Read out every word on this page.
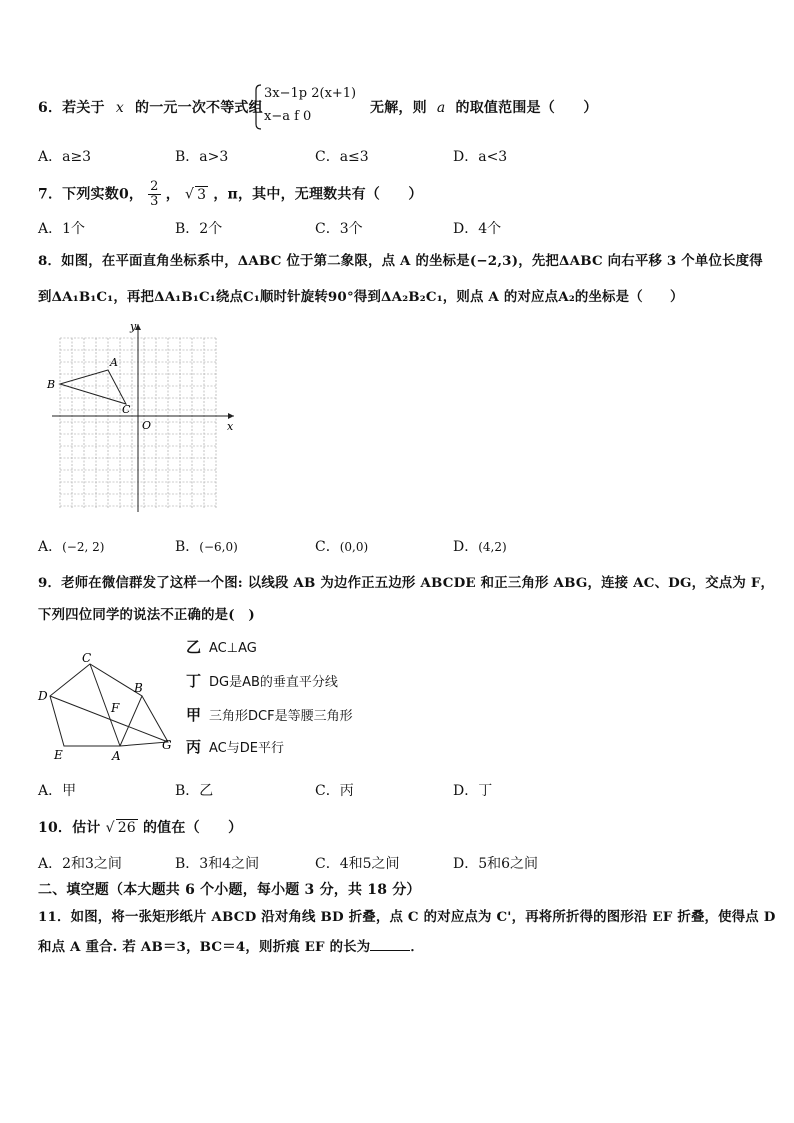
6．若关于 x 的一元一次不等式组
3x−1p 2(x+1)
x−a f 0
无解，则 a 的取值范围是（　　）
A．a≥3	B．a>3	C．a≤3	D．a<3
7．下列实数0， $\frac{2}{3}$ ， √ 3 ，π，其中，无理数共有（　　）
A．1个	B．2个	C．3个	D．4个
8．如图，在平面直角坐标系中，ΔABC 位于第二象限，点 A 的坐标是(−2,3)，先把ΔABC 向右平移 3 个单位长度得
到ΔA₁B₁C₁，再把ΔA₁B₁C₁绕点C₁顺时针旋转90°得到ΔA₂B₂C₁，则点 A 的对应点A₂的坐标是（　　）
y
x
O
A
B
C
A．(−2, 2)	B．(−6,0)	C．(0,0)	D．(4,2)
9．老师在微信群发了这样一个图: 以线段 AB 为边作正五边形 ABCDE 和正三角形 ABG，连接 AC、DG，交点为 F，
下列四位同学的说法不正确的是(　)
C
B
D
F
E	A
G
乙 AC⊥AG
丁 DG是AB的垂直平分线
甲 三角形DCF是等腰三角形
丙 AC与DE平行
A．甲	B．乙	C．丙	D．丁
10．估计 √ 26 的值在（　　）
A．2和3之间	B．3和4之间	C．4和5之间	D．5和6之间
二、填空题（本大题共 6 个小题，每小题 3 分，共 18 分）
11．如图，将一张矩形纸片 ABCD 沿对角线 BD 折叠，点 C 的对应点为 C'，再将所折得的图形沿 EF 折叠，使得点 D
和点 A 重合. 若 AB＝3，BC＝4，则折痕 EF 的长为	．
